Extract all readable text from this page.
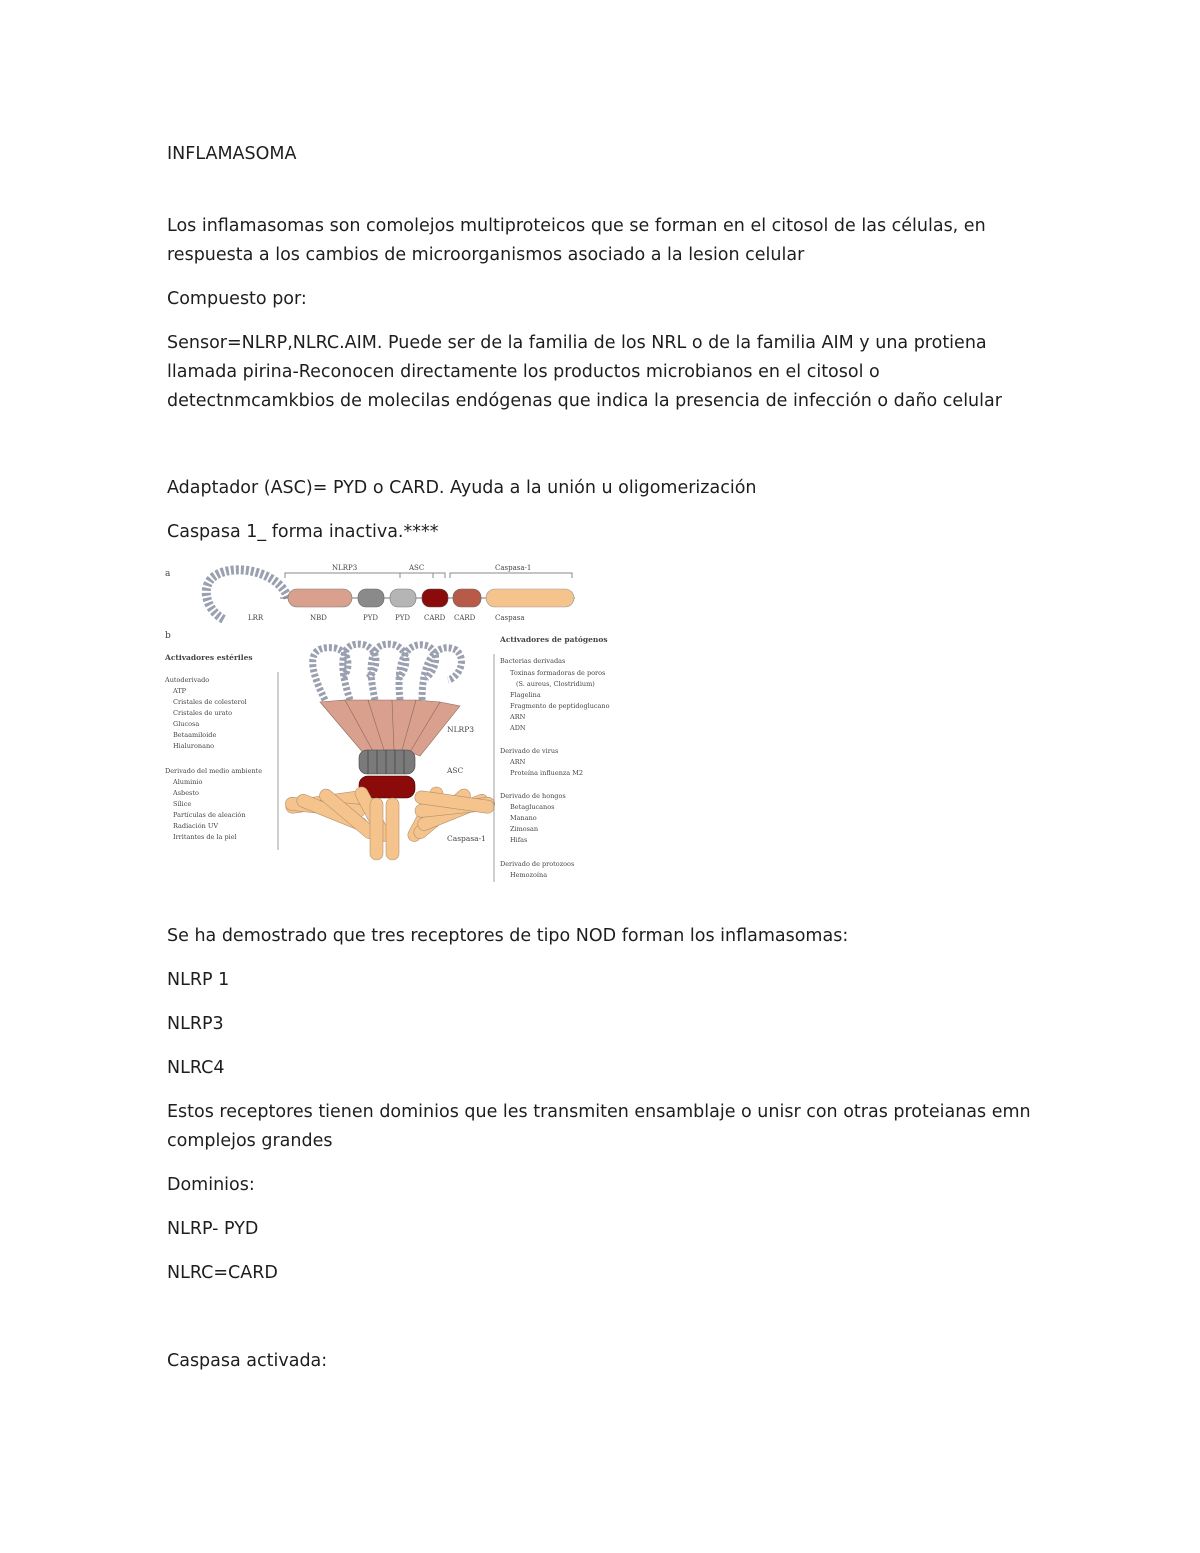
INFLAMASOMA

Los inflamasomas son comolejos multiproteicos que se forman en el citosol de las células, en

respuesta a los cambios de microorganismos asociado a la lesion celular

Compuesto por:

Sensor=NLRP,NLRC.AIM. Puede ser de la familia de los NRL o de la familia AIM y una protiena

llamada pirina-Reconocen directamente los productos microbianos en el citosol o

detectnmcamkbios de molecilas endógenas que indica la presencia de infección o daño celular

Adaptador (ASC)= PYD o CARD. Ayuda a la unión u oligomerización

Caspasa 1_ forma inactiva.****

a
NLRP3	ASC	Caspasa-1
LRR	NBD	PYD PYD CARD CARD	Caspasa
b
Activadores estériles
Autoderivado
ATP
Cristales de colesterol
Cristales de urato
Glucosa
Betaamiloide
Hialuronano
Derivado del medio ambiente
Aluminio
Asbesto
Sílice
Partículas de aleación
Radiación UV
Irritantes de la piel
NLRP3
ASC
Caspasa-1
Activadores de patógenos
Bacterias derivadas
Toxinas formadoras de poros
(S. aureus, Clostridium)
Flagelina
Fragmento de peptidoglucano
ARN
ADN
Derivado de virus
ARN
Proteína influenza M2
Derivado de hongos
Betaglucanos
Manano
Zimosan
Hifas
Derivado de protozoos
Hemozoína

Se ha demostrado que tres receptores de tipo NOD forman los inflamasomas:

NLRP 1

NLRP3

NLRC4

Estos receptores tienen dominios que les transmiten ensamblaje o unisr con otras proteianas emn

complejos grandes

Dominios:

NLRP- PYD

NLRC=CARD

Caspasa activada:
